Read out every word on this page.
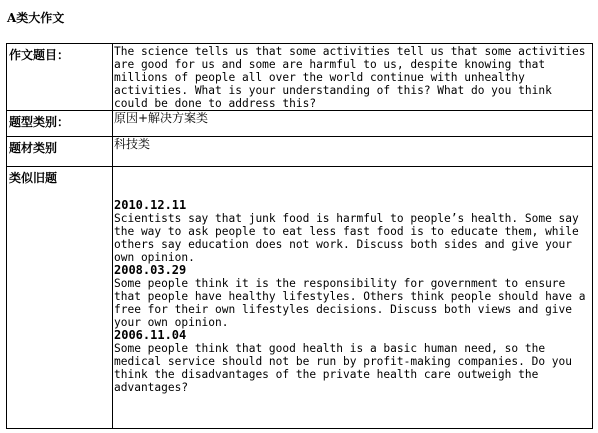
A类大作文
作文题目：	The science tells us that some activities tell us that some activities are good for us and some are harmful to us, despite knowing that millions of people all over the world continue with unhealthy activities. What is your understanding of this? What do you think could be done to address this?
题型类别：	原因+解决方案类
题材类别	科技类
类似旧题
2010.12.11
Scientists say that junk food is harmful to people’s health. Some say the way to ask people to eat less fast food is to educate them, while others say education does not work. Discuss both sides and give your own opinion.
2008.03.29
Some people think it is the responsibility for government to ensure that people have healthy lifestyles. Others think people should have a free for their own lifestyles decisions. Discuss both views and give your own opinion.
2006.11.04
Some people think that good health is a basic human need, so the medical service should not be run by profit-making companies. Do you think the disadvantages of the private health care outweigh the advantages?
